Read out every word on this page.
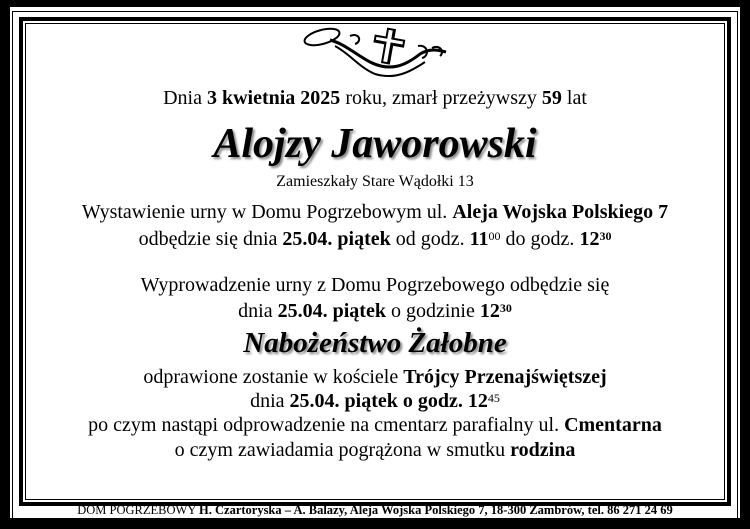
Dnia 3 kwietnia 2025 roku, zmarł przeżywszy 59 lat
Alojzy Jaworowski
Zamieszkały Stare Wądołki 13
Wystawienie urny w Domu Pogrzebowym ul. Aleja Wojska Polskiego 7
odbędzie się dnia 25.04. piątek od godz. $11^{00}$ do godz. $12^{30}$
Wyprowadzenie urny z Domu Pogrzebowego odbędzie się
dnia 25.04. piątek o godzinie $12^{30}$
Nabożeństwo Żałobne
odprawione zostanie w kościele Trójcy Przenajświętszej
dnia 25.04. piątek o godz. $12^{45}$
po czym nastąpi odprowadzenie na cmentarz parafialny ul. Cmentarna
o czym zawiadamia pogrążona w smutku rodzina
DOM POGRZEBOWY H. Czartoryska – A. Balazy, Aleja Wojska Polskiego 7, 18-300 Zambrów, tel. 86 271 24 69
